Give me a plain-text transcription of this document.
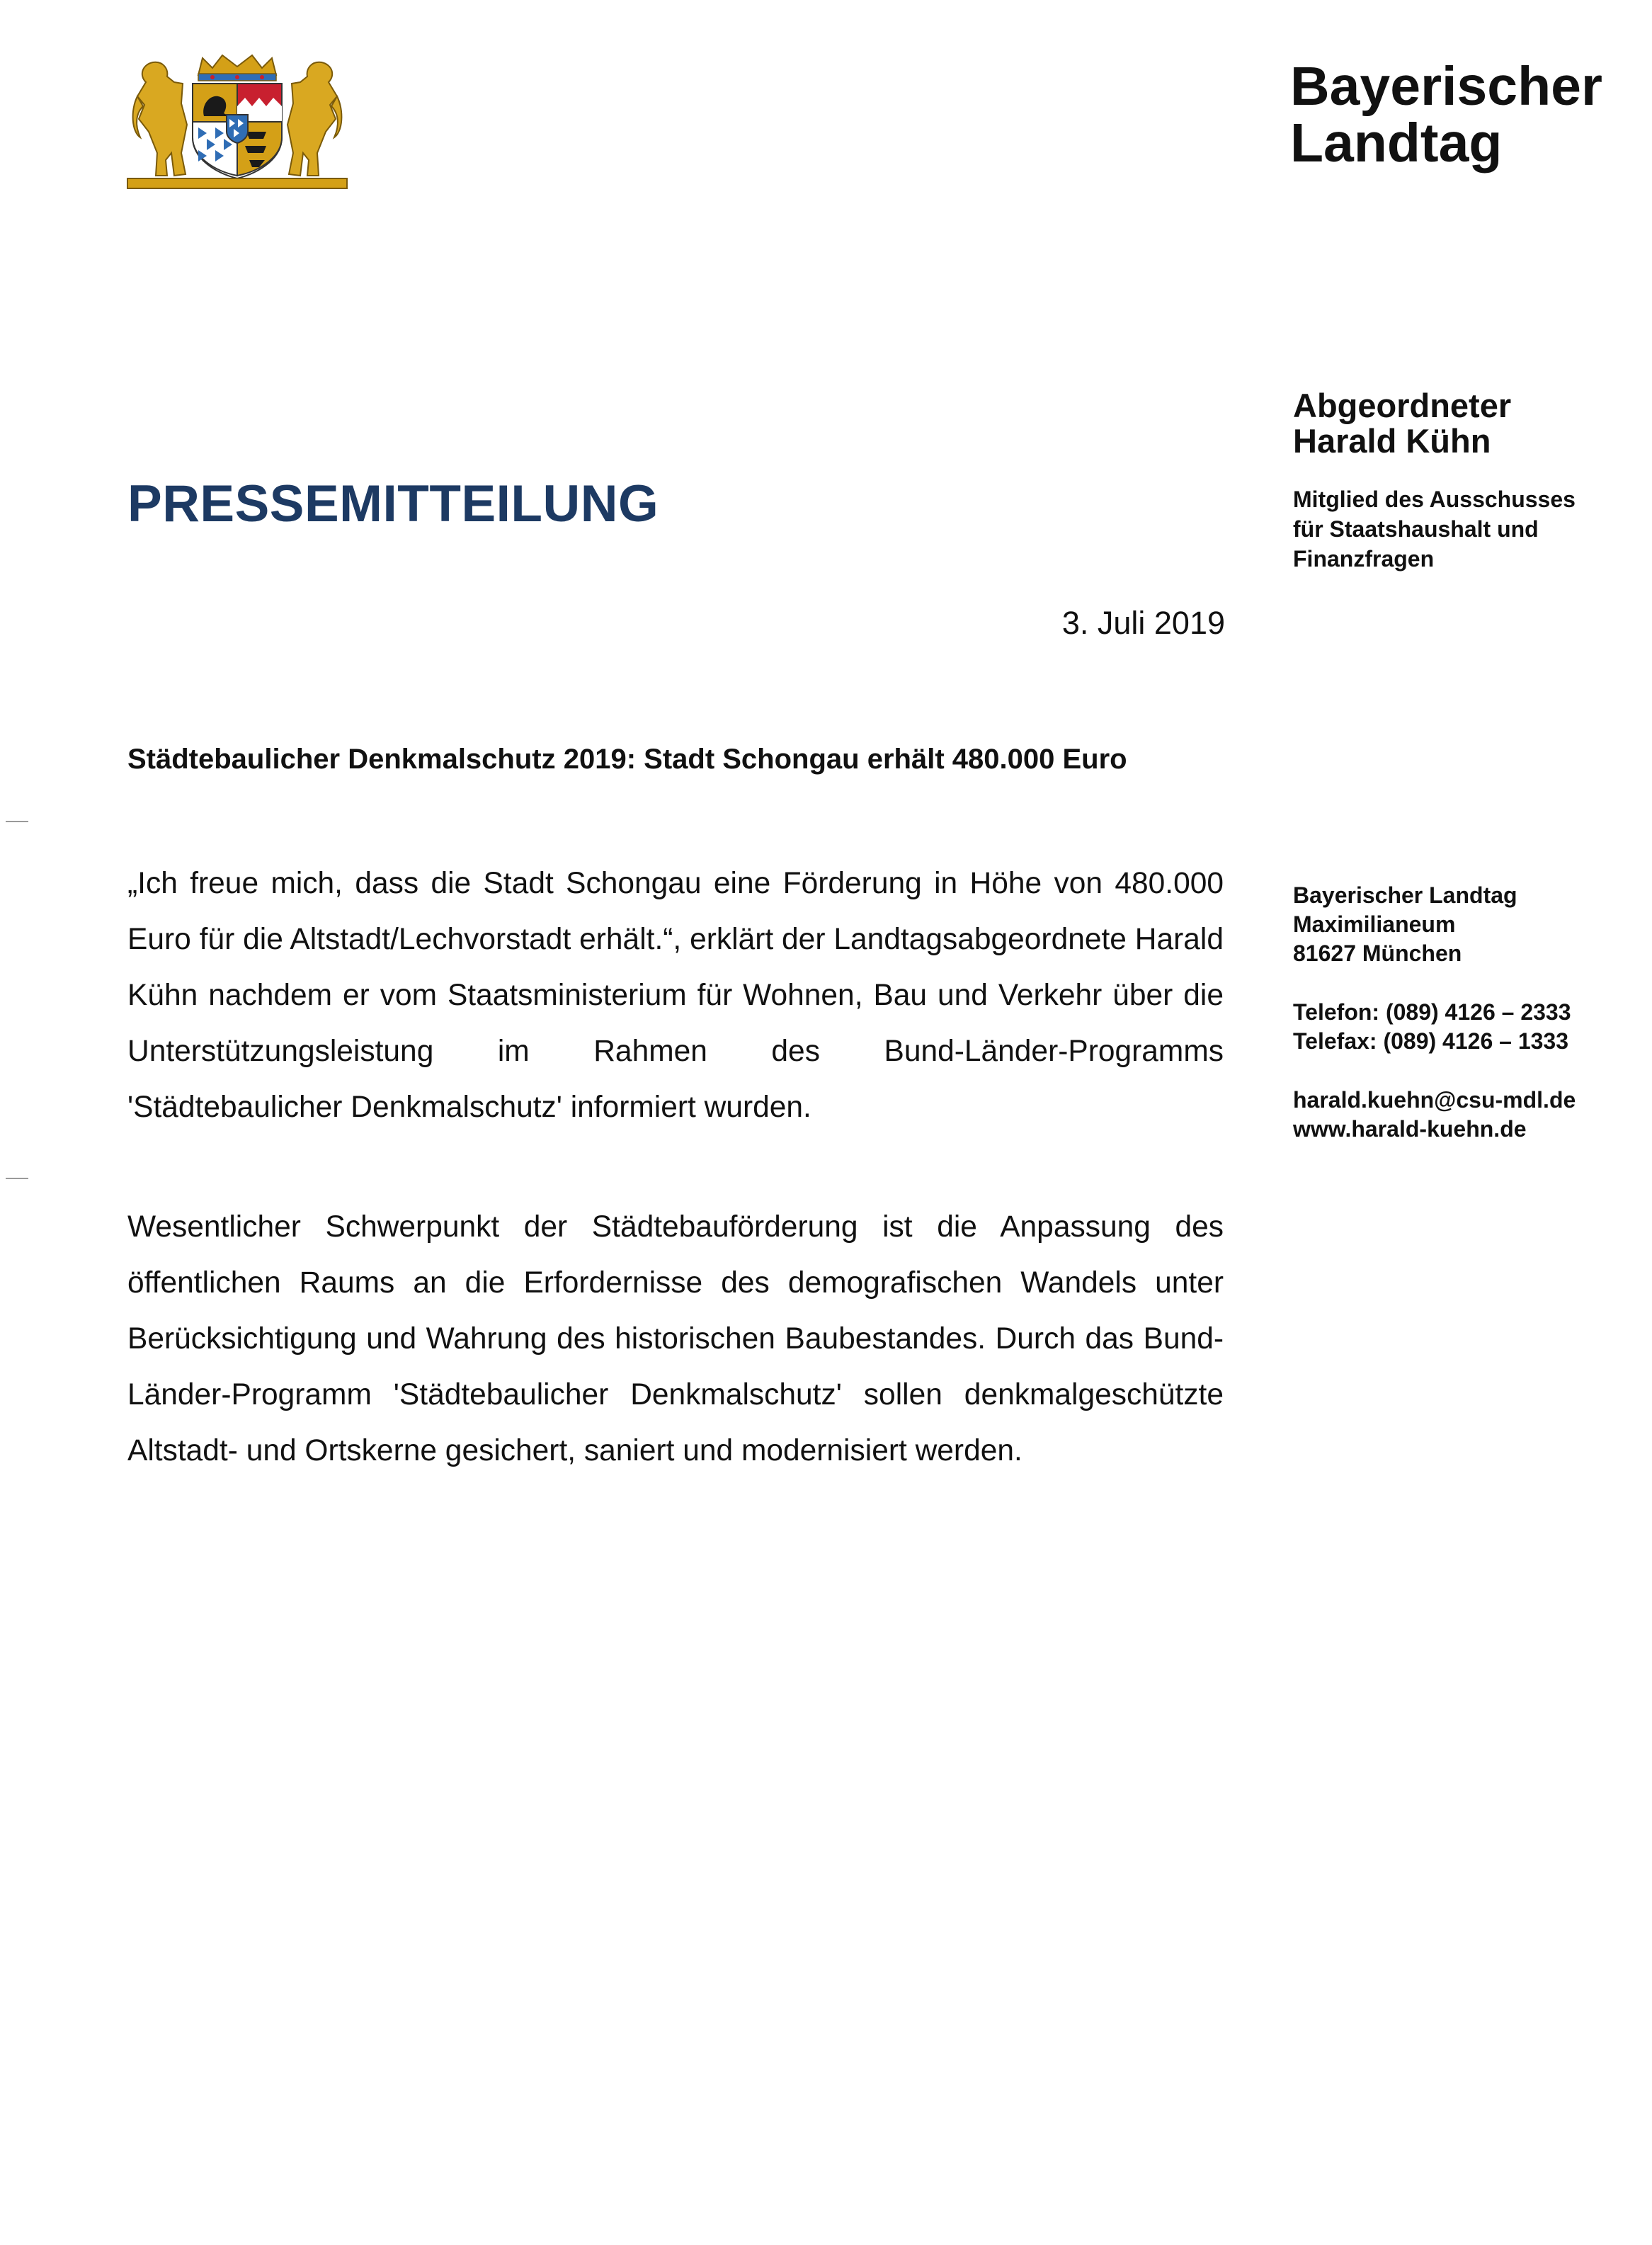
Bayerischer
Landtag
Abgeordneter
Harald Kühn
Mitglied des Ausschusses
für Staatshaushalt und
Finanzfragen
PRESSEMITTEILUNG
3. Juli 2019
Städtebaulicher Denkmalschutz 2019: Stadt Schongau erhält 480.000 Euro
„Ich freue mich, dass die Stadt Schongau eine Förderung in Höhe von 480.000 Euro für die Altstadt/Lechvorstadt erhält.“, erklärt der Landtagsabgeordnete Harald Kühn nachdem er vom Staatsministerium für Wohnen, Bau und Verkehr über die Unterstützungsleistung im Rahmen des Bund-Länder-Programms 'Städtebaulicher Denkmalschutz' informiert wurden.
Wesentlicher Schwerpunkt der Städtebauförderung ist die Anpassung des öffentlichen Raums an die Erfordernisse des demografischen Wandels unter Berücksichtigung und Wahrung des historischen Baubestandes. Durch das Bund-Länder-Programm 'Städtebaulicher Denkmalschutz' sollen denkmalgeschützte Altstadt- und Ortskerne gesichert, saniert und modernisiert werden.
Bayerischer Landtag
Maximilianeum
81627 München
Telefon: (089) 4126 – 2333
Telefax: (089) 4126 – 1333
harald.kuehn@csu-mdl.de
www.harald-kuehn.de
